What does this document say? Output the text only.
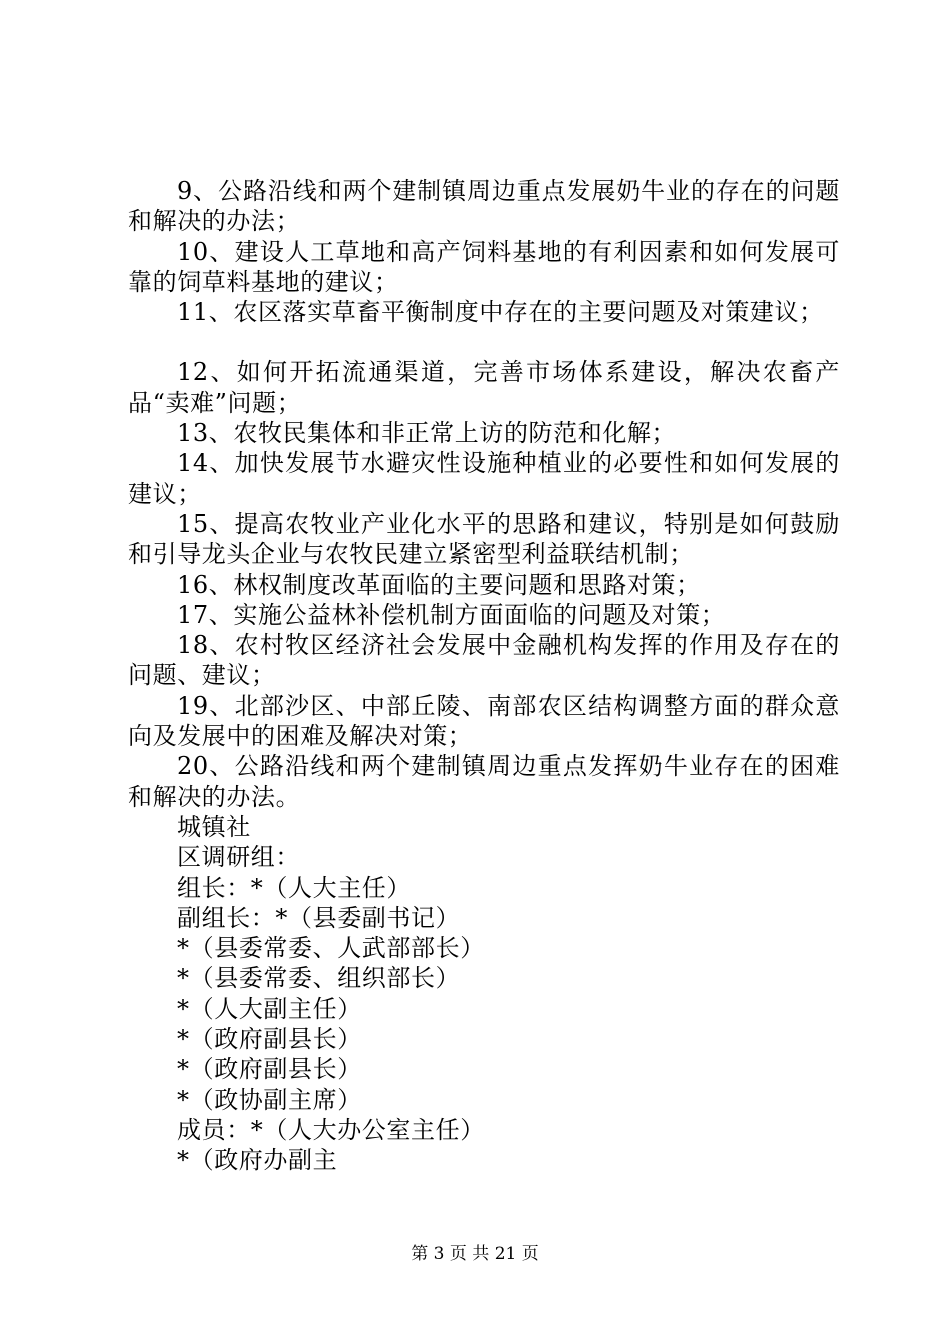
9、公路沿线和两个建制镇周边重点发展奶牛业的存在的问题和解决的办法；

10、建设人工草地和高产饲料基地的有利因素和如何发展可靠的饲草料基地的建议；

11、农区落实草畜平衡制度中存在的主要问题及对策建议；

12、如何开拓流通渠道，完善市场体系建设，解决农畜产品“卖难”问题；

13、农牧民集体和非正常上访的防范和化解；

14、加快发展节水避灾性设施种植业的必要性和如何发展的建议；

15、提高农牧业产业化水平的思路和建议，特别是如何鼓励和引导龙头企业与农牧民建立紧密型利益联结机制；

16、林权制度改革面临的主要问题和思路对策；

17、实施公益林补偿机制方面面临的问题及对策；

18、农村牧区经济社会发展中金融机构发挥的作用及存在的问题、建议；

19、北部沙区、中部丘陵、南部农区结构调整方面的群众意向及发展中的困难及解决对策；

20、公路沿线和两个建制镇周边重点发挥奶牛业存在的困难和解决的办法。

城镇社

区调研组：

组长：*（人大主任）

副组长：*（县委副书记）

*（县委常委、人武部部长）

*（县委常委、组织部长）

*（人大副主任）

*（政府副县长）

*（政府副县长）

*（政协副主席）

成员：*（人大办公室主任）

*（政府办副主

第 3 页 共 21 页
